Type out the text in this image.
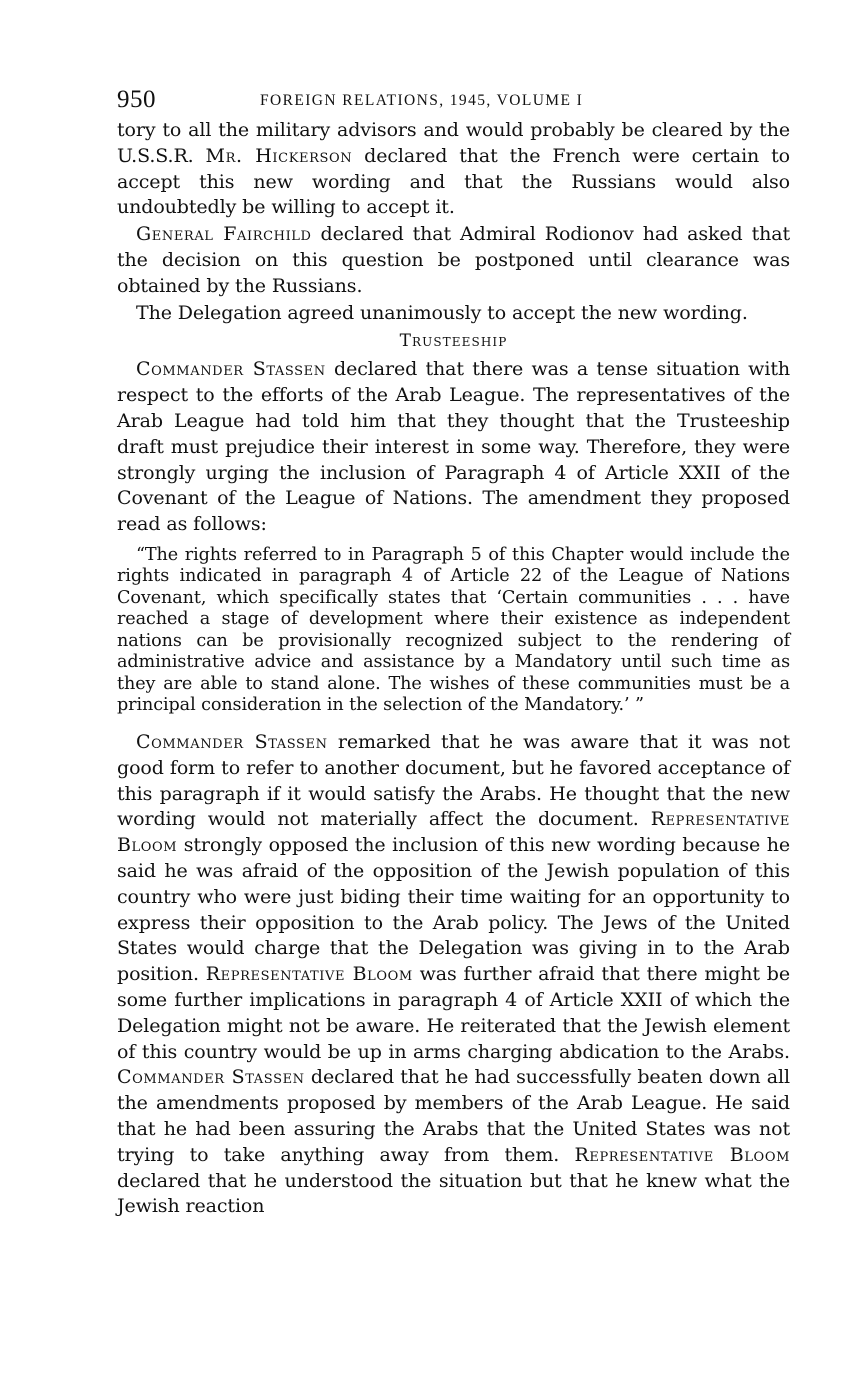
950	FOREIGN RELATIONS, 1945, VOLUME I

tory to all the military advisors and would probably be cleared by the U.S.S.R. Mr. Hickerson declared that the French were certain to accept this new wording and that the Russians would also undoubtedly be willing to accept it.

General Fairchild declared that Admiral Rodionov had asked that the decision on this question be postponed until clearance was obtained by the Russians.

The Delegation agreed unanimously to accept the new wording.

Trusteeship

Commander Stassen declared that there was a tense situation with respect to the efforts of the Arab League. The representatives of the Arab League had told him that they thought that the Trusteeship draft must prejudice their interest in some way. Therefore, they were strongly urging the inclusion of Paragraph 4 of Article XXII of the Covenant of the League of Nations. The amendment they proposed read as follows:

“The rights referred to in Paragraph 5 of this Chapter would include the rights indicated in paragraph 4 of Article 22 of the League of Nations Covenant, which specifically states that ‘Certain communities . . . have reached a stage of development where their existence as independent nations can be provisionally recognized subject to the rendering of administrative advice and assistance by a Mandatory until such time as they are able to stand alone. The wishes of these communities must be a principal consideration in the selection of the Mandatory.’ ”

Commander Stassen remarked that he was aware that it was not good form to refer to another document, but he favored acceptance of this paragraph if it would satisfy the Arabs. He thought that the new wording would not materially affect the document. Representative Bloom strongly opposed the inclusion of this new wording because he said he was afraid of the opposition of the Jewish population of this country who were just biding their time waiting for an opportunity to express their opposition to the Arab policy. The Jews of the United States would charge that the Delegation was giving in to the Arab position. Representative Bloom was further afraid that there might be some further implications in paragraph 4 of Article XXII of which the Delegation might not be aware. He reiterated that the Jewish element of this country would be up in arms charging abdication to the Arabs. Commander Stassen declared that he had successfully beaten down all the amendments proposed by members of the Arab League. He said that he had been assuring the Arabs that the United States was not trying to take anything away from them. Representative Bloom declared that he understood the situation but that he knew what the Jewish reaction
